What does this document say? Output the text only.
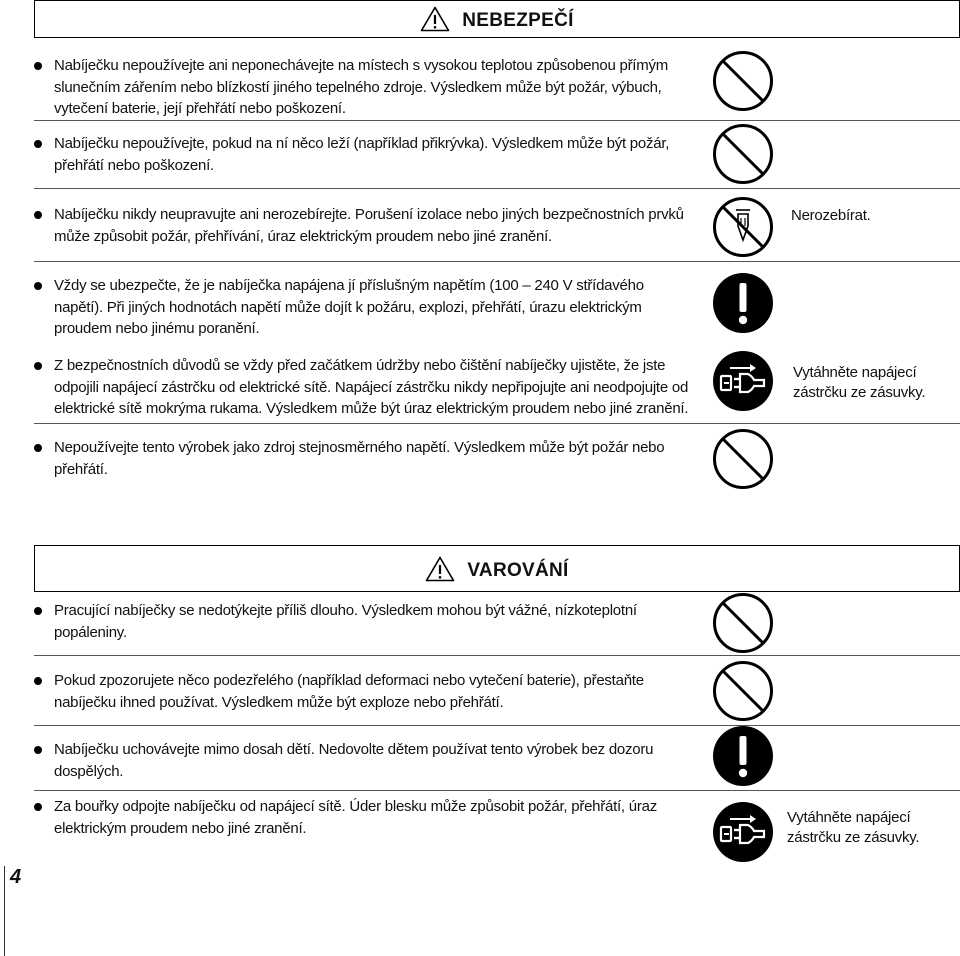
NEBEZPEČÍ
Nabíječku nepoužívejte ani neponechávejte na místech s vysokou teplotou způsobenou přímým slunečním zářením nebo blízkostí jiného tepelného zdroje. Výsledkem může být požár, výbuch, vytečení baterie, její přehřátí nebo poškození.
Nabíječku nepoužívejte, pokud na ní něco leží (například přikrývka). Výsledkem může být požár, přehřátí nebo poškození.
Nabíječku nikdy neupravujte ani nerozebírejte. Porušení izolace nebo jiných bezpečnostních prvků může způsobit požár, přehřívání, úraz elektrickým proudem nebo jiné zranění.
Nerozebírat.
Vždy se ubezpečte, že je nabíječka napájena jí příslušným napětím (100 – 240 V střídavého napětí). Při jiných hodnotách napětí může dojít k požáru, explozi, přehřátí, úrazu elektrickým proudem nebo jinému poranění.
Z bezpečnostních důvodů se vždy před začátkem údržby nebo čištění nabíječky ujistěte, že jste odpojili napájecí zástrčku od elektrické sítě. Napájecí zástrčku nikdy nepřipojujte ani neodpojujte od elektrické sítě mokrýma rukama. Výsledkem může být úraz elektrickým proudem nebo jiné zranění.
Vytáhněte napájecí zástrčku ze zásuvky.
Nepoužívejte tento výrobek jako zdroj stejnosměrného napětí. Výsledkem může být požár nebo přehřátí.
VAROVÁNÍ
Pracující nabíječky se nedotýkejte příliš dlouho. Výsledkem mohou být vážné, nízkoteplotní popáleniny.
Pokud zpozorujete něco podezřelého (například deformaci nebo vytečení baterie), přestaňte nabíječku ihned používat. Výsledkem může být exploze nebo přehřátí.
Nabíječku uchovávejte mimo dosah dětí. Nedovolte dětem používat tento výrobek bez dozoru dospělých.
Za bouřky odpojte nabíječku od napájecí sítě. Úder blesku může způsobit požár, přehřátí, úraz elektrickým proudem nebo jiné zranění.
Vytáhněte napájecí zástrčku ze zásuvky.
4
